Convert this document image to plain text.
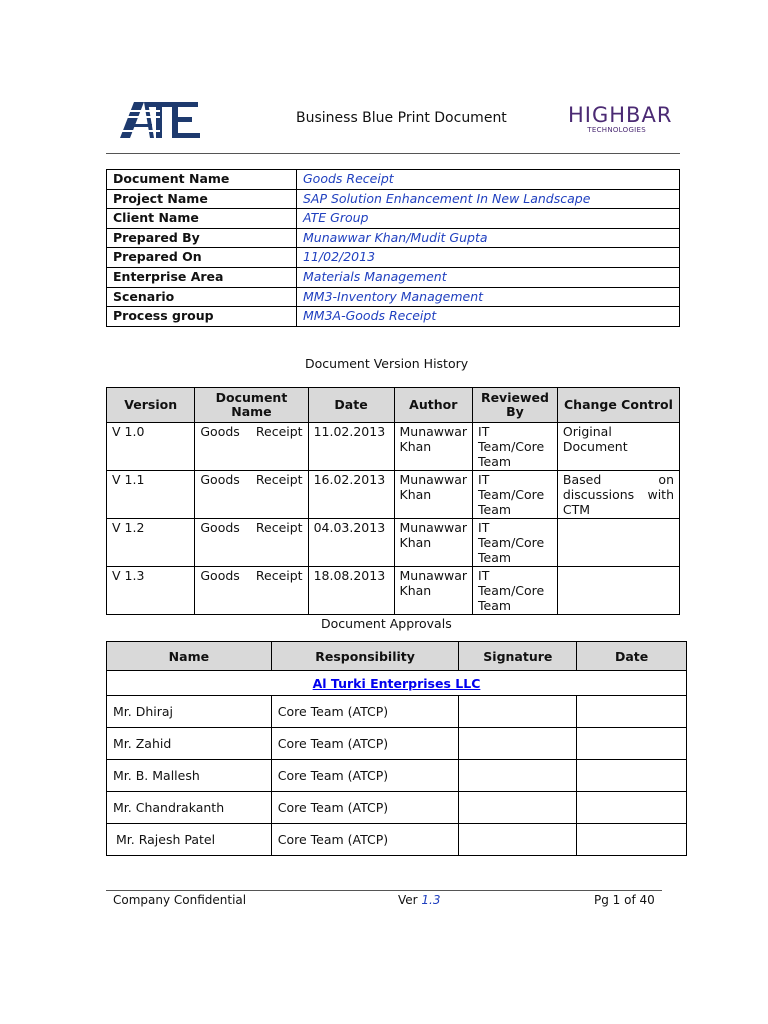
Business Blue Print Document	HIGHBAR
TECHNOLOGIES
Document Name	Goods Receipt
Project Name	SAP Solution Enhancement In New Landscape
Client Name	ATE Group
Prepared By	Munawwar Khan/Mudit Gupta
Prepared On	11/02/2013
Enterprise Area	Materials Management
Scenario	MM3-Inventory Management
Process group	MM3A-Goods Receipt
Document Version History
Version	Document Name	Date	Author	Reviewed By	Change Control
V 1.0	Goods Receipt	11.02.2013	Munawwar Khan	IT Team/Core Team	Original Document
V 1.1	Goods Receipt	16.02.2013	Munawwar Khan	IT Team/Core Team	Based on discussions with CTM
V 1.2	Goods Receipt	04.03.2013	Munawwar Khan	IT Team/Core Team	
V 1.3	Goods Receipt	18.08.2013	Munawwar Khan	IT Team/Core Team	
Document Approvals
Name	Responsibility	Signature	Date
Al Turki Enterprises LLC			
Mr. Dhiraj	Core Team (ATCP)		
Mr. Zahid	Core Team (ATCP)		
Mr. B. Mallesh	Core Team (ATCP)		
Mr. Chandrakanth	Core Team (ATCP)		
Mr. Rajesh Patel	Core Team (ATCP)		
Company Confidential	Ver 1.3	Pg 1 of 40
